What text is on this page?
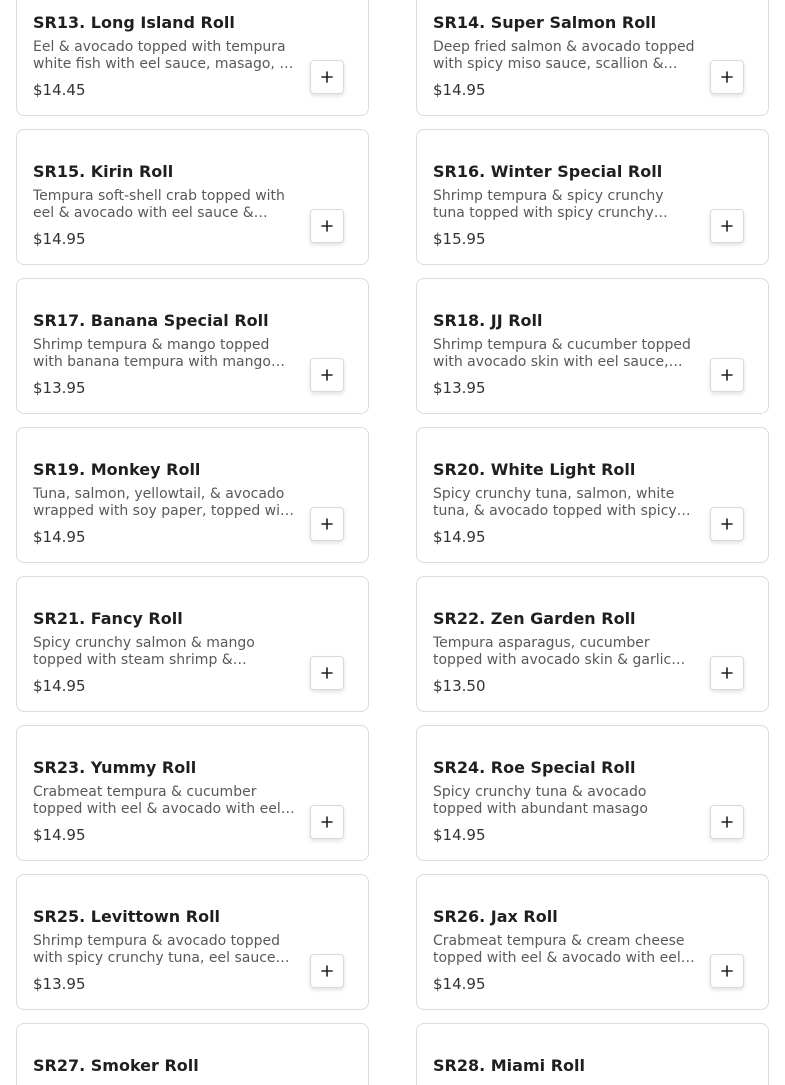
SR13. Long Island Roll
Eel & avocado topped with tempura white fish with eel sauce, masago, …
$14.45
SR14. Super Salmon Roll
Deep fried salmon & avocado topped with spicy miso sauce, scallion &…
$14.95
SR15. Kirin Roll
Tempura soft-shell crab topped with eel & avocado with eel sauce &…
$14.95
SR16. Winter Special Roll
Shrimp tempura & spicy crunchy tuna topped with spicy crunchy…
$15.95
SR17. Banana Special Roll
Shrimp tempura & mango topped with banana tempura with mango…
$13.95
SR18. JJ Roll
Shrimp tempura & cucumber topped with avocado skin with eel sauce,…
$13.95
SR19. Monkey Roll
Tuna, salmon, yellowtail, & avocado wrapped with soy paper, topped wi…
$14.95
SR20. White Light Roll
Spicy crunchy tuna, salmon, white tuna, & avocado topped with spicy…
$14.95
SR21. Fancy Roll
Spicy crunchy salmon & mango topped with steam shrimp &…
$14.95
SR22. Zen Garden Roll
Tempura asparagus, cucumber topped with avocado skin & garlic…
$13.50
SR23. Yummy Roll
Crabmeat tempura & cucumber topped with eel & avocado with eel…
$14.95
SR24. Roe Special Roll
Spicy crunchy tuna & avocado topped with abundant masago
$14.95
SR25. Levittown Roll
Shrimp tempura & avocado topped with spicy crunchy tuna, eel sauce…
$13.95
SR26. Jax Roll
Crabmeat tempura & cream cheese topped with eel & avocado with eel…
$14.95
SR27. Smoker Roll	SR28. Miami Roll
